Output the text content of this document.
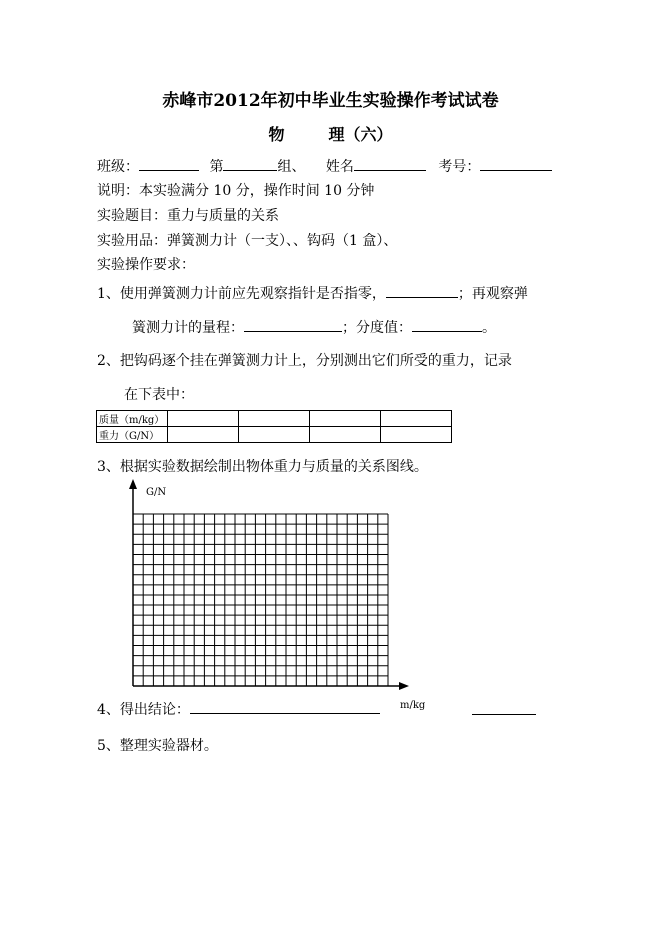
赤峰市2012年初中毕业生实验操作考试试卷
物	理（六）
班级：	第	组、 姓名	考号：
说明：本实验满分 10 分，操作时间 10 分钟
实验题目：重力与质量的关系
实验用品：弹簧测力计（一支）、、钩码（1 盒）、
实验操作要求：
1、使用弹簧测力计前应先观察指针是否指零，	；再观察弹
簧测力计的量程：	；分度值：	。
2、把钩码逐个挂在弹簧测力计上，分别测出它们所受的重力，记录
在下表中：
质量（m/kg）				
重力（G/N）				
3、根据实验数据绘制出物体重力与质量的关系图线。
G/N
4、得出结论：	m/kg
5、整理实验器材。
